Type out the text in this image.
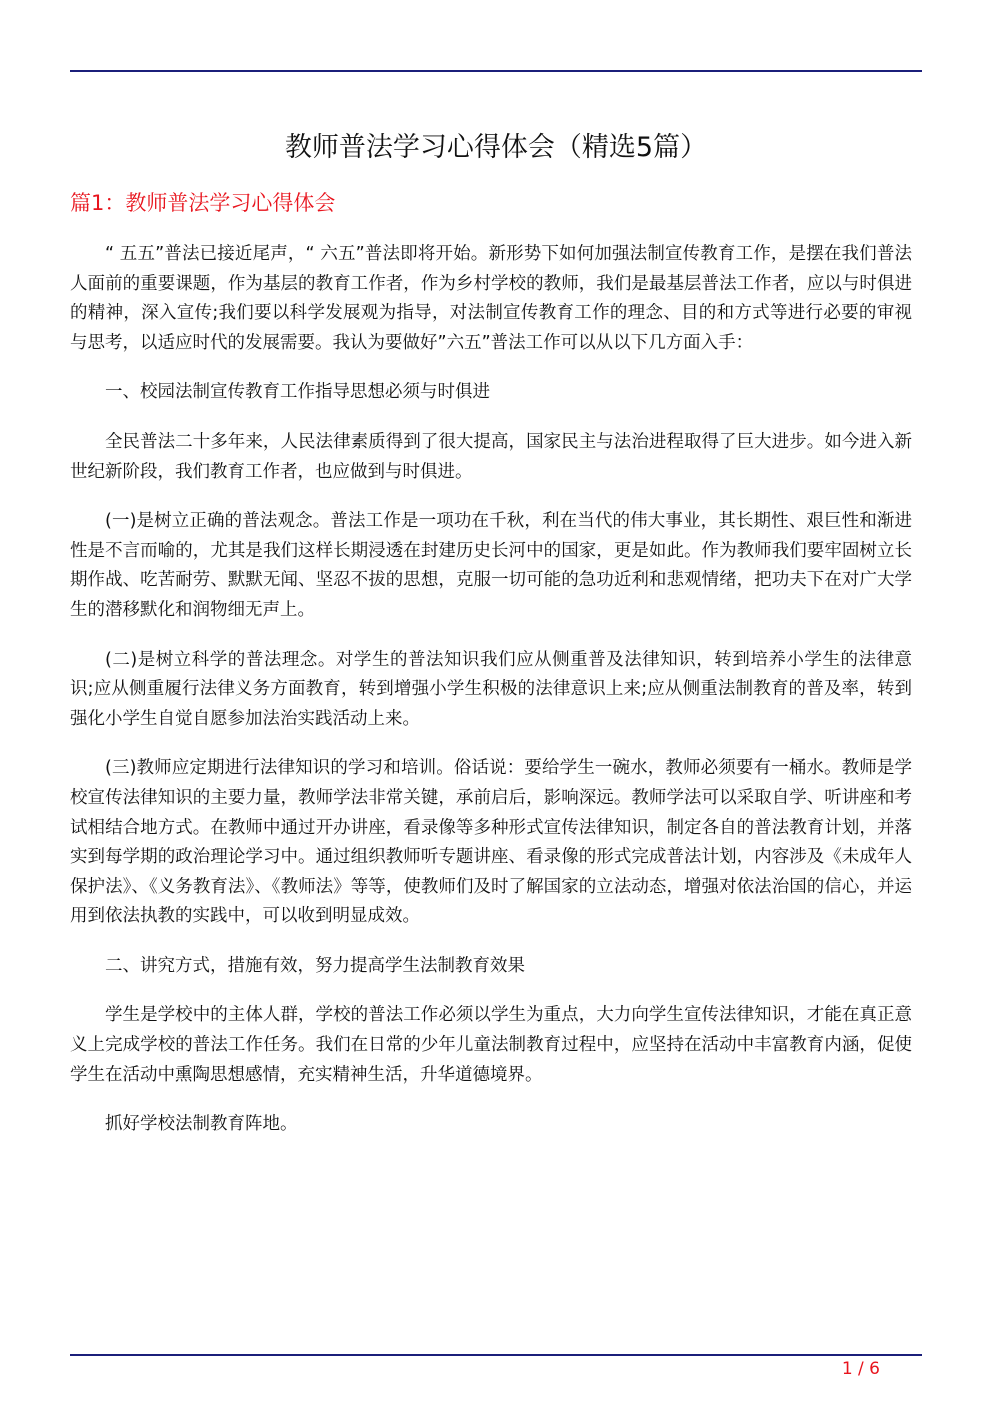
教师普法学习心得体会（精选5篇）
篇1：教师普法学习心得体会

“ 五五”普法已接近尾声，“ 六五”普法即将开始。新形势下如何加强法制宣传教育工作，是摆在我们普法人面前的重要课题，作为基层的教育工作者，作为乡村学校的教师，我们是最基层普法工作者，应以与时俱进的精神，深入宣传;我们要以科学发展观为指导，对法制宣传教育工作的理念、目的和方式等进行必要的审视与思考，以适应时代的发展需要。我认为要做好”六五”普法工作可以从以下几方面入手：

一、校园法制宣传教育工作指导思想必须与时俱进

全民普法二十多年来，人民法律素质得到了很大提高，国家民主与法治进程取得了巨大进步。如今进入新世纪新阶段，我们教育工作者，也应做到与时俱进。

(一)是树立正确的普法观念。普法工作是一项功在千秋，利在当代的伟大事业，其长期性、艰巨性和渐进性是不言而喻的，尤其是我们这样长期浸透在封建历史长河中的国家，更是如此。作为教师我们要牢固树立长期作战、吃苦耐劳、默默无闻、坚忍不拔的思想，克服一切可能的急功近利和悲观情绪，把功夫下在对广大学生的潜移默化和润物细无声上。

(二)是树立科学的普法理念。对学生的普法知识我们应从侧重普及法律知识，转到培养小学生的法律意识;应从侧重履行法律义务方面教育，转到增强小学生积极的法律意识上来;应从侧重法制教育的普及率，转到强化小学生自觉自愿参加法治实践活动上来。

(三)教师应定期进行法律知识的学习和培训。俗话说：要给学生一碗水，教师必须要有一桶水。教师是学校宣传法律知识的主要力量，教师学法非常关键，承前启后，影响深远。教师学法可以采取自学、听讲座和考试相结合地方式。在教师中通过开办讲座，看录像等多种形式宣传法律知识，制定各自的普法教育计划，并落实到每学期的政治理论学习中。通过组织教师听专题讲座、看录像的形式完成普法计划，内容涉及《未成年人保护法》、《义务教育法》、《教师法》等等，使教师们及时了解国家的立法动态，增强对依法治国的信心，并运用到依法执教的实践中，可以收到明显成效。

二、讲究方式，措施有效，努力提高学生法制教育效果

学生是学校中的主体人群，学校的普法工作必须以学生为重点，大力向学生宣传法律知识，才能在真正意义上完成学校的普法工作任务。我们在日常的少年儿童法制教育过程中，应坚持在活动中丰富教育内涵，促使学生在活动中熏陶思想感情，充实精神生活，升华道德境界。

抓好学校法制教育阵地。

1 / 6
